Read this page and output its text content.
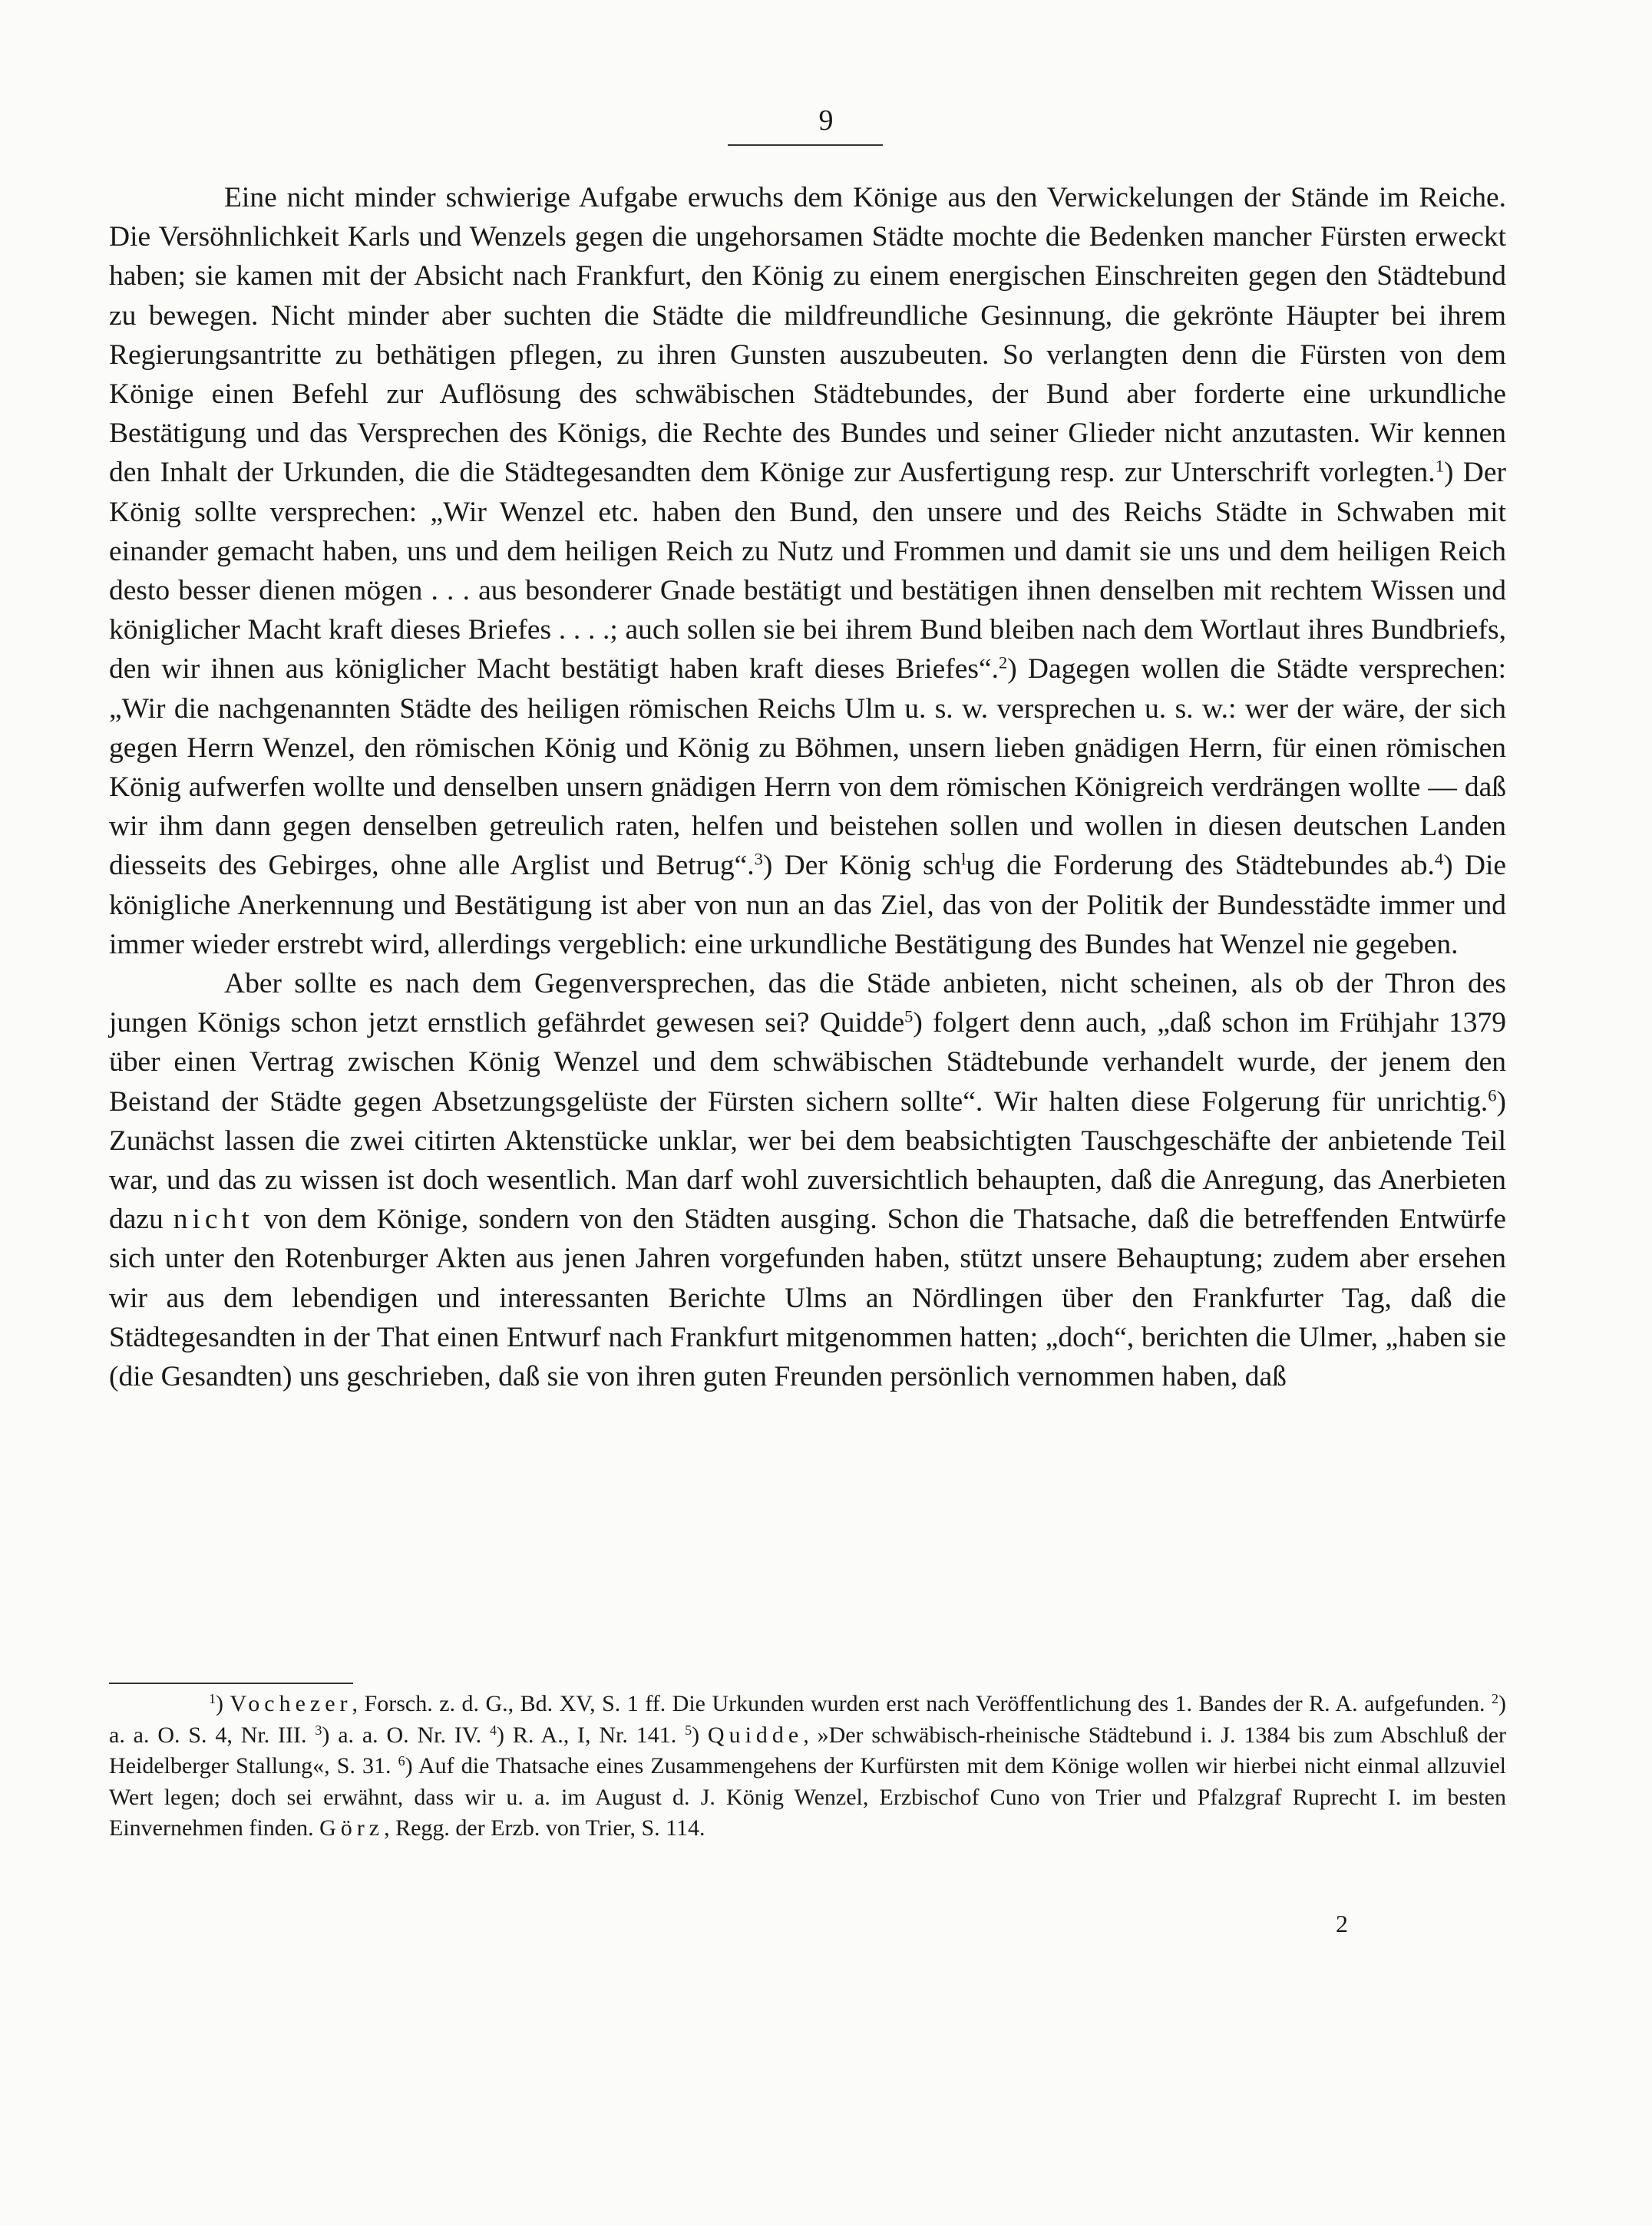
9

Eine nicht minder schwierige Aufgabe erwuchs dem Könige aus den Verwickelungen der Stände im Reiche. Die Versöhnlichkeit Karls und Wenzels gegen die ungehorsamen Städte mochte die Bedenken mancher Fürsten erweckt haben; sie kamen mit der Absicht nach Frankfurt, den König zu einem energischen Einschreiten gegen den Städtebund zu bewegen. Nicht minder aber suchten die Städte die mildfreundliche Gesinnung, die gekrönte Häupter bei ihrem Regierungsantritte zu bethätigen pflegen, zu ihren Gunsten auszubeuten. So verlangten denn die Fürsten von dem Könige einen Befehl zur Auflösung des schwäbischen Städtebundes, der Bund aber forderte eine urkundliche Bestätigung und das Versprechen des Königs, die Rechte des Bundes und seiner Glieder nicht anzutasten. Wir kennen den Inhalt der Urkunden, die die Städtegesandten dem Könige zur Ausfertigung resp. zur Unterschrift vorlegten.$^1$) Der König sollte versprechen: „Wir Wenzel etc. haben den Bund, den unsere und des Reichs Städte in Schwaben mit einander gemacht haben, uns und dem heiligen Reich zu Nutz und Frommen und damit sie uns und dem heiligen Reich desto besser dienen mögen . . . aus besonderer Gnade bestätigt und bestätigen ihnen denselben mit rechtem Wissen und königlicher Macht kraft dieses Briefes . . . .; auch sollen sie bei ihrem Bund bleiben nach dem Wortlaut ihres Bundbriefs, den wir ihnen aus königlicher Macht bestätigt haben kraft dieses Briefes“.$^2$) Dagegen wollen die Städte versprechen: „Wir die nachgenannten Städte des heiligen römischen Reichs Ulm u. s. w. versprechen u. s. w.: wer der wäre, der sich gegen Herrn Wenzel, den römischen König und König zu Böhmen, unsern lieben gnädigen Herrn, für einen römischen König aufwerfen wollte und denselben unsern gnädigen Herrn von dem römischen Königreich verdrängen wollte — daß wir ihm dann gegen denselben getreulich raten, helfen und beistehen sollen und wollen in diesen deutschen Landen diesseits des Gebirges, ohne alle Arglist und Betrug“.$^3$) Der König sch$^l$ug die Forderung des Städtebundes ab.$^4$) Die königliche Anerkennung und Bestätigung ist aber von nun an das Ziel, das von der Politik der Bundesstädte immer und immer wieder erstrebt wird, allerdings vergeblich: eine urkundliche Bestätigung des Bundes hat Wenzel nie gegeben.

Aber sollte es nach dem Gegenversprechen, das die Städe anbieten, nicht scheinen, als ob der Thron des jungen Königs schon jetzt ernstlich gefährdet gewesen sei? Quidde$^5$) folgert denn auch, „daß schon im Frühjahr 1379 über einen Vertrag zwischen König Wenzel und dem schwäbischen Städtebunde verhandelt wurde, der jenem den Beistand der Städte gegen Absetzungsgelüste der Fürsten sichern sollte“. Wir halten diese Folgerung für unrichtig.$^6$) Zunächst lassen die zwei citirten Aktenstücke unklar, wer bei dem beabsichtigten Tauschgeschäfte der anbietende Teil war, und das zu wissen ist doch wesentlich. Man darf wohl zuversichtlich behaupten, daß die Anregung, das Anerbieten dazu nicht von dem Könige, sondern von den Städten ausging. Schon die Thatsache, daß die betreffenden Entwürfe sich unter den Rotenburger Akten aus jenen Jahren vorgefunden haben, stützt unsere Behauptung; zudem aber ersehen wir aus dem lebendigen und interessanten Berichte Ulms an Nördlingen über den Frankfurter Tag, daß die Städtegesandten in der That einen Entwurf nach Frankfurt mitgenommen hatten; „doch“, berichten die Ulmer, „haben sie (die Gesandten) uns geschrieben, daß sie von ihren guten Freunden persönlich vernommen haben, daß

$^1$) Vochezer, Forsch. z. d. G., Bd. XV, S. 1 ff. Die Urkunden wurden erst nach Veröffentlichung des 1. Bandes der R. A. aufgefunden. $^2$) a. a. O. S. 4, Nr. III. $^3$) a. a. O. Nr. IV. $^4$) R. A., I, Nr. 141. $^5$) Quidde, »Der schwäbisch-rheinische Städtebund i. J. 1384 bis zum Abschluß der Heidelberger Stallung«, S. 31. $^6$) Auf die Thatsache eines Zusammengehens der Kurfürsten mit dem Könige wollen wir hierbei nicht einmal allzuviel Wert legen; doch sei erwähnt, dass wir u. a. im August d. J. König Wenzel, Erzbischof Cuno von Trier und Pfalzgraf Ruprecht I. im besten Einvernehmen finden. Görz, Regg. der Erzb. von Trier, S. 114.
2
